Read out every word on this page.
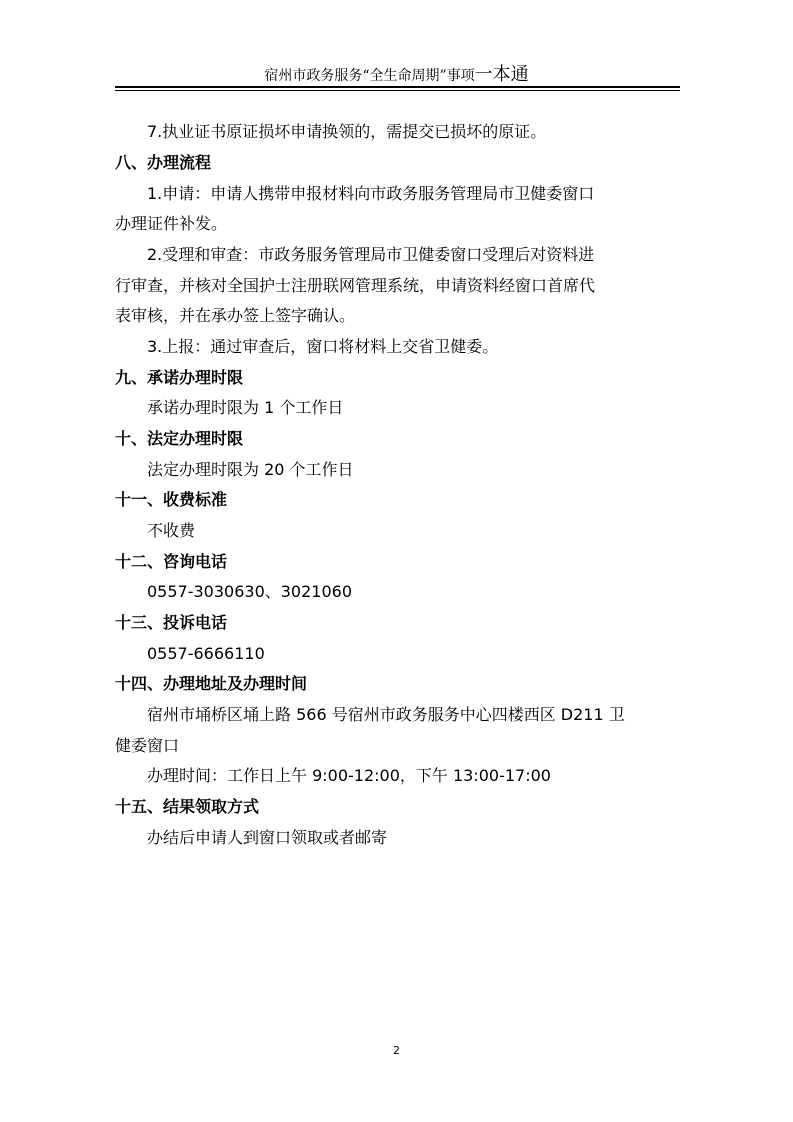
宿州市政务服务“全生命周期”事项一本通
7.执业证书原证损坏申请换领的，需提交已损坏的原证。
八、办理流程
1.申请：申请人携带申报材料向市政务服务管理局市卫健委窗口
办理证件补发。
2.受理和审查：市政务服务管理局市卫健委窗口受理后对资料进
行审查，并核对全国护士注册联网管理系统，申请资料经窗口首席代
表审核，并在承办签上签字确认。
3.上报：通过审查后，窗口将材料上交省卫健委。
九、承诺办理时限
承诺办理时限为 1 个工作日
十、法定办理时限
法定办理时限为 20 个工作日
十一、收费标准
不收费
十二、咨询电话
0557-3030630、3021060
十三、投诉电话
0557-6666110
十四、办理地址及办理时间
宿州市埇桥区埇上路 566 号宿州市政务服务中心四楼西区 D211 卫
健委窗口
办理时间：工作日上午 9:00-12:00，下午 13:00-17:00
十五、结果领取方式
办结后申请人到窗口领取或者邮寄
2
